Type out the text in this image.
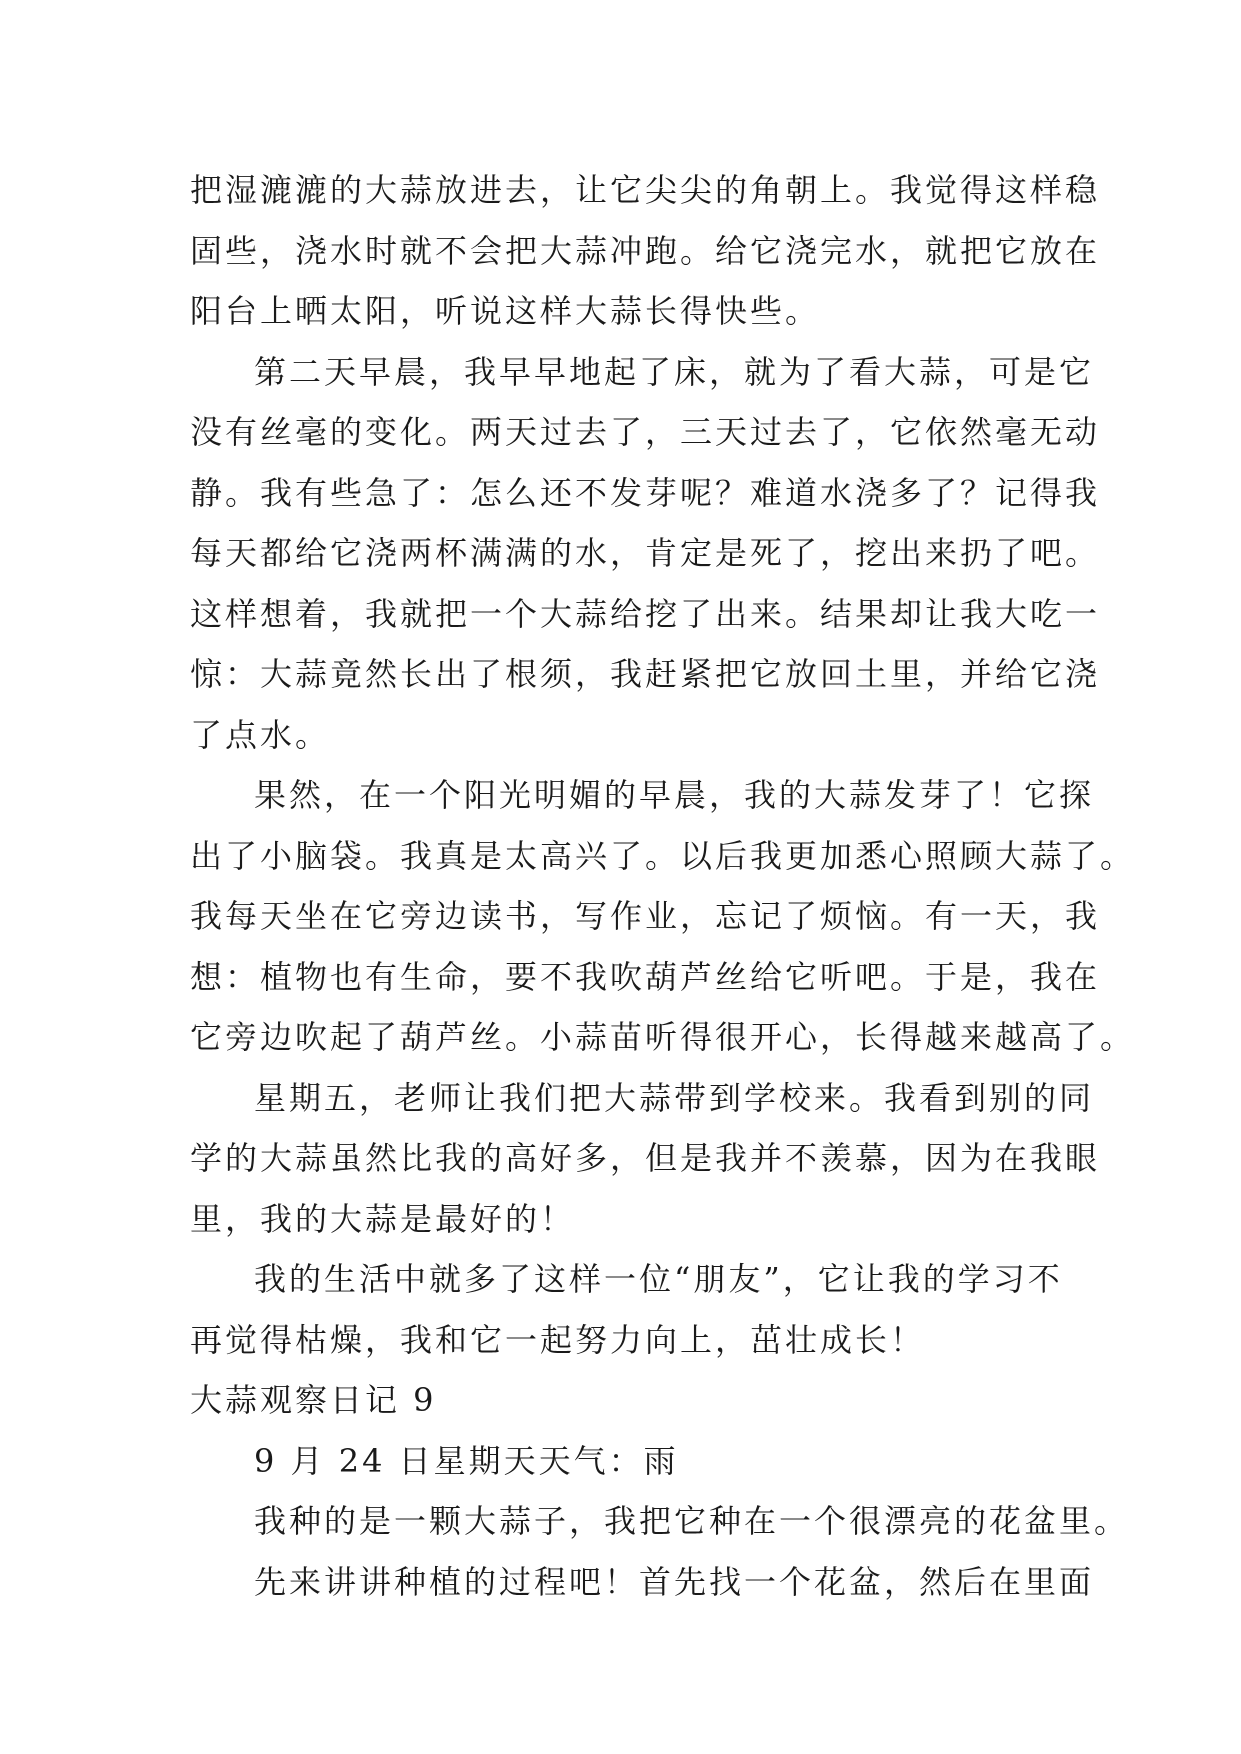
把湿漉漉的大蒜放进去，让它尖尖的角朝上。我觉得这样稳
固些，浇水时就不会把大蒜冲跑。给它浇完水，就把它放在
阳台上晒太阳，听说这样大蒜长得快些。
第二天早晨，我早早地起了床，就为了看大蒜，可是它
没有丝毫的变化。两天过去了，三天过去了，它依然毫无动
静。我有些急了：怎么还不发芽呢？难道水浇多了？记得我
每天都给它浇两杯满满的水，肯定是死了，挖出来扔了吧。
这样想着，我就把一个大蒜给挖了出来。结果却让我大吃一
惊：大蒜竟然长出了根须，我赶紧把它放回土里，并给它浇
了点水。
果然，在一个阳光明媚的早晨，我的大蒜发芽了！它探
出了小脑袋。我真是太高兴了。以后我更加悉心照顾大蒜了。
我每天坐在它旁边读书，写作业，忘记了烦恼。有一天，我
想：植物也有生命，要不我吹葫芦丝给它听吧。于是，我在
它旁边吹起了葫芦丝。小蒜苗听得很开心，长得越来越高了。
星期五，老师让我们把大蒜带到学校来。我看到别的同
学的大蒜虽然比我的高好多，但是我并不羡慕，因为在我眼
里，我的大蒜是最好的！
我的生活中就多了这样一位“朋友”，它让我的学习不
再觉得枯燥，我和它一起努力向上，茁壮成长！
大蒜观察日记 9
9 月 24 日星期天天气：雨
我种的是一颗大蒜子，我把它种在一个很漂亮的花盆里。
先来讲讲种植的过程吧！首先找一个花盆，然后在里面
